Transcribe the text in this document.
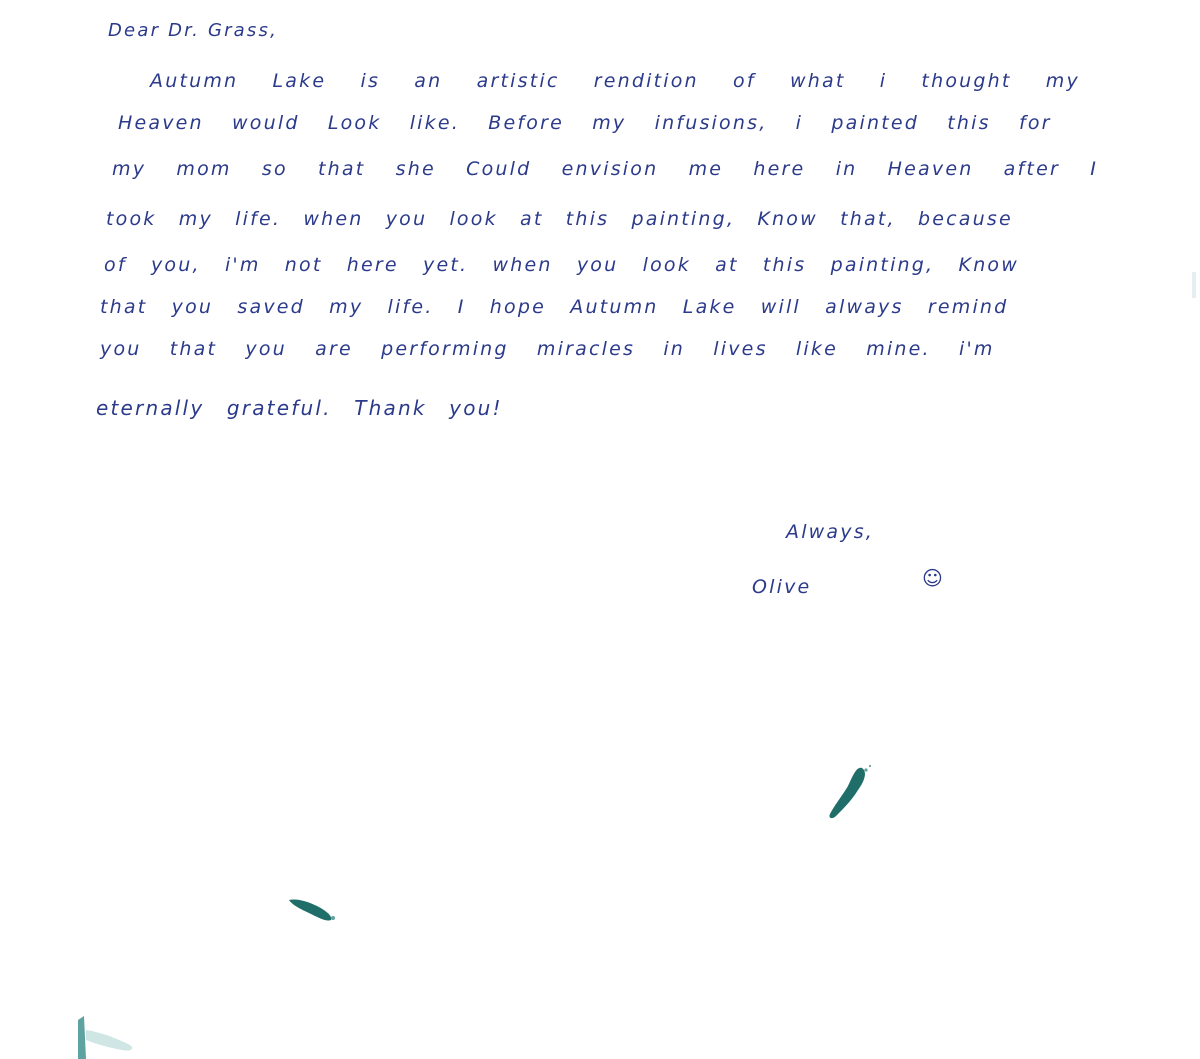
Dear Dr. Grass,
Autumn Lake is an artistic rendition of what i thought my
Heaven would Look like. Before my infusions, i painted this for
my mom so that she Could envision me here in Heaven after I
took my life. when you look at this painting, Know that, because
of you, i'm not here yet. when you look at this painting, Know
that you saved my life. I hope Autumn Lake will always remind
you that you are performing miracles in lives like mine. i'm
eternally grateful. Thank you!
Always,
Olive	☺
